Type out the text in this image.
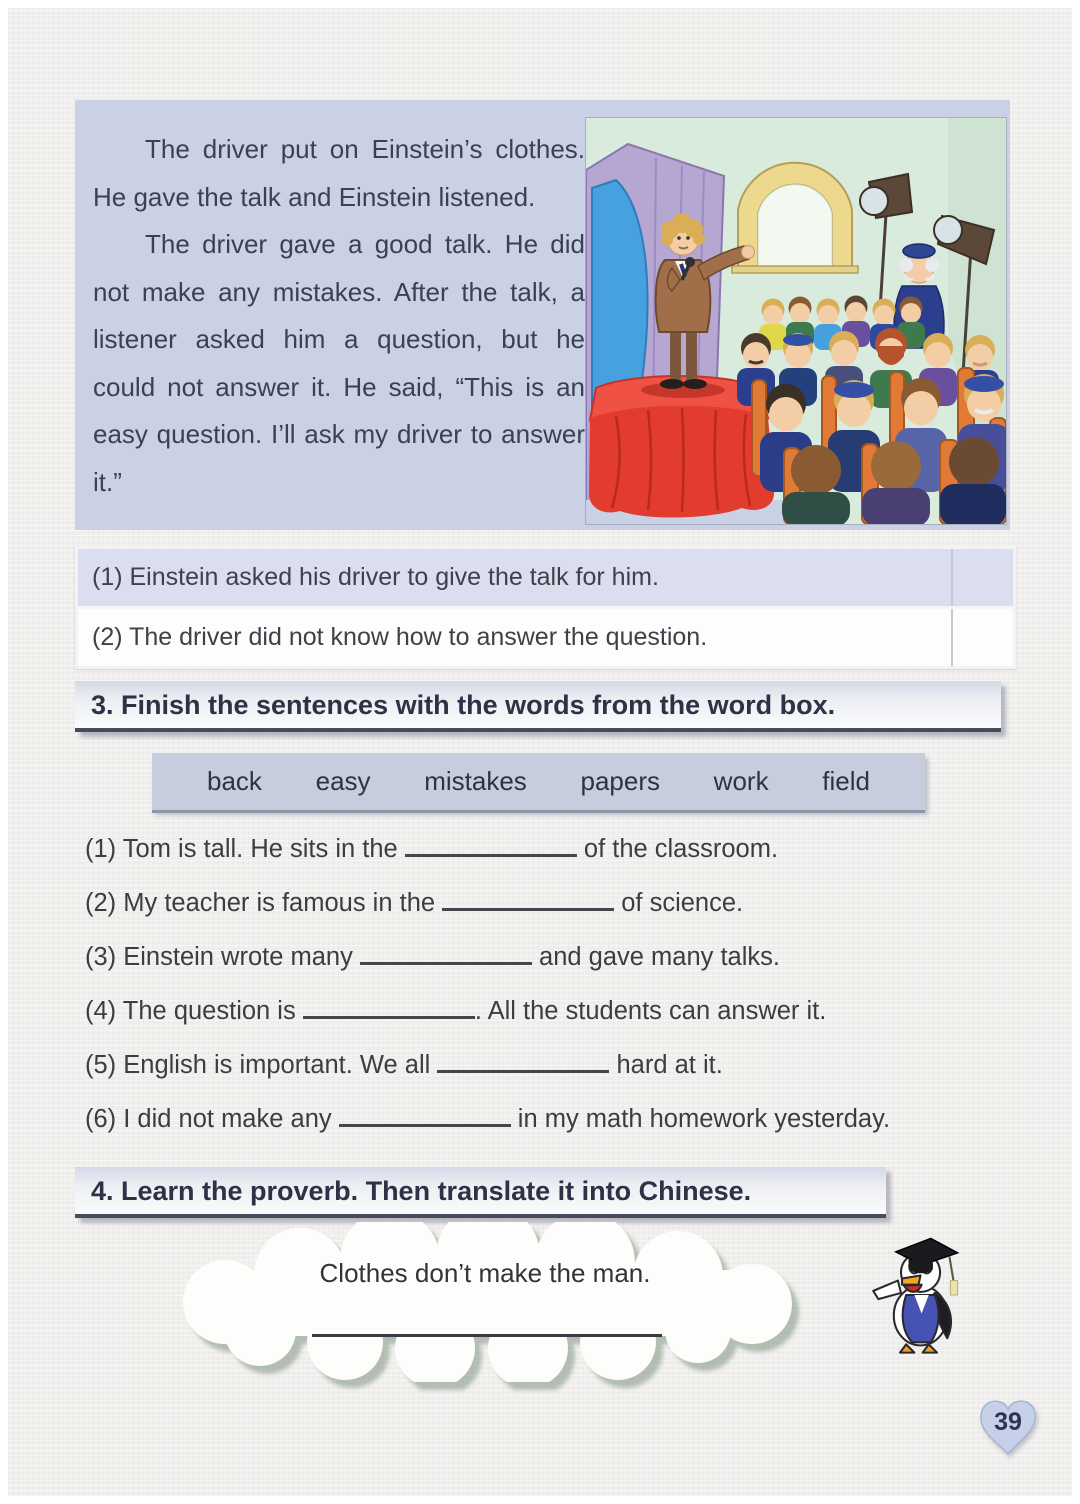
The driver put on Einstein’s clothes. He gave the talk and Einstein listened.

The driver gave a good talk. He did not make any mistakes. After the talk, a listener asked him a question, but he could not answer it. He said, “This is an easy question. I’ll ask my driver to answer it.”

(1) Einstein asked his driver to give the talk for him.
(2) The driver did not know how to answer the question.
3. Finish the sentences with the words from the word box.
back easy mistakes papers work field
(1) Tom is tall. He sits in the	of the classroom.
(2) My teacher is famous in the	of science.
(3) Einstein wrote many	and gave many talks.
(4) The question is	. All the students can answer it.
(5) English is important. We all	hard at it.
(6) I did not make any	in my math homework yesterday.
4. Learn the proverb. Then translate it into Chinese.
Clothes don’t make the man.
39
